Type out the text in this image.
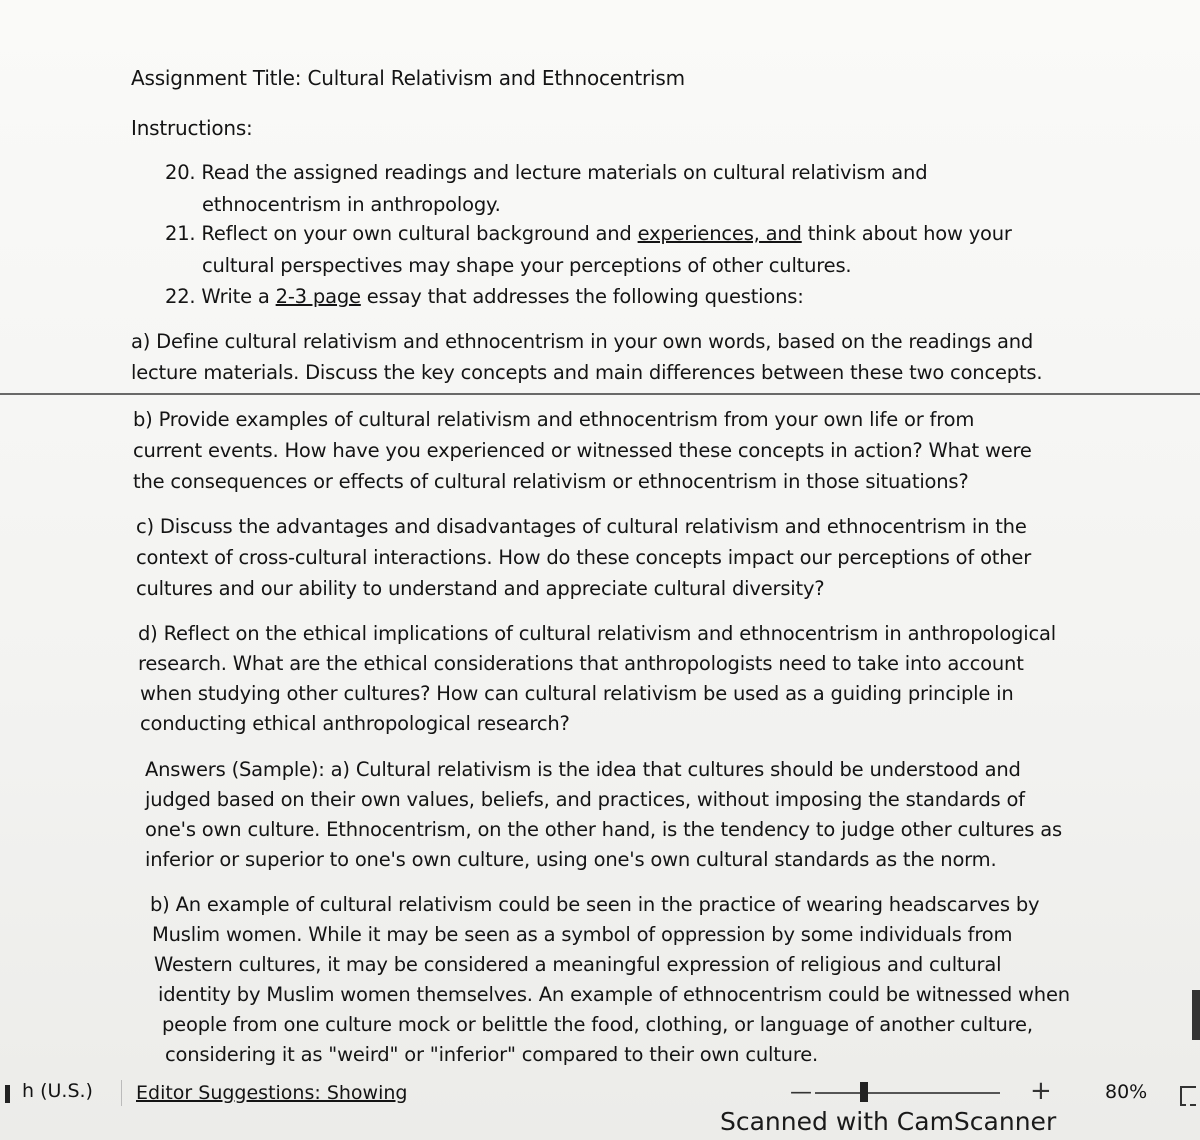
Assignment Title: Cultural Relativism and Ethnocentrism
Instructions:
20. Read the assigned readings and lecture materials on cultural relativism and
ethnocentrism in anthropology.
21. Reflect on your own cultural background and experiences, and think about how your
cultural perspectives may shape your perceptions of other cultures.
22. Write a 2-3 page essay that addresses the following questions:
a) Define cultural relativism and ethnocentrism in your own words, based on the readings and
lecture materials. Discuss the key concepts and main differences between these two concepts.
b) Provide examples of cultural relativism and ethnocentrism from your own life or from
current events. How have you experienced or witnessed these concepts in action? What were
the consequences or effects of cultural relativism or ethnocentrism in those situations?
c) Discuss the advantages and disadvantages of cultural relativism and ethnocentrism in the
context of cross-cultural interactions. How do these concepts impact our perceptions of other
cultures and our ability to understand and appreciate cultural diversity?
d) Reflect on the ethical implications of cultural relativism and ethnocentrism in anthropological
research. What are the ethical considerations that anthropologists need to take into account
when studying other cultures? How can cultural relativism be used as a guiding principle in
conducting ethical anthropological research?
Answers (Sample): a) Cultural relativism is the idea that cultures should be understood and
judged based on their own values, beliefs, and practices, without imposing the standards of
one's own culture. Ethnocentrism, on the other hand, is the tendency to judge other cultures as
inferior or superior to one's own culture, using one's own cultural standards as the norm.
b) An example of cultural relativism could be seen in the practice of wearing headscarves by
Muslim women. While it may be seen as a symbol of oppression by some individuals from
Western cultures, it may be considered a meaningful expression of religious and cultural
identity by Muslim women themselves. An example of ethnocentrism could be witnessed when
people from one culture mock or belittle the food, clothing, or language of another culture,
considering it as "weird" or "inferior" compared to their own culture.
h (U.S.) Editor Suggestions: Showing	—	+	80%
Scanned with CamScanner
